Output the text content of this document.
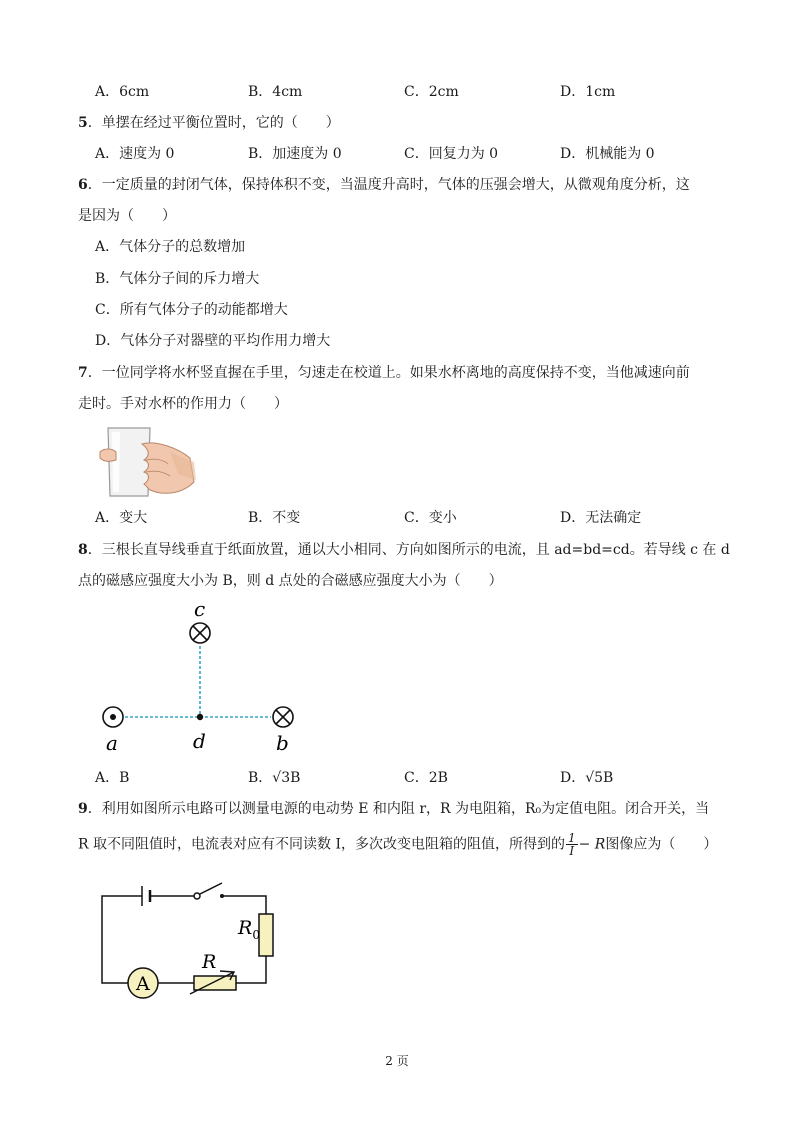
A．6cm	B．4cm	C．2cm	D．1cm
5．单摆在经过平衡位置时，它的（　　）
A．速度为 0	B．加速度为 0	C．回复力为 0	D．机械能为 0
6．一定质量的封闭气体，保持体积不变，当温度升高时，气体的压强会增大，从微观角度分析，这
是因为（　　）
A．气体分子的总数增加
B．气体分子间的斥力增大
C．所有气体分子的动能都增大
D．气体分子对器壁的平均作用力增大
7．一位同学将水杯竖直握在手里，匀速走在校道上。如果水杯离地的高度保持不变，当他减速向前
走时。手对水杯的作用力（　　）
A．变大	B．不变	C．变小	D．无法确定
8．三根长直导线垂直于纸面放置，通以大小相同、方向如图所示的电流，且 ad=bd=cd。若导线 c 在 d
点的磁感应强度大小为 B，则 d 点处的合磁感应强度大小为（　　）
c
a	d	b
A．B	B．√3B	C．2B	D．√5B
9．利用如图所示电路可以测量电源的电动势 E 和内阻 r，R 为电阻箱，R₀为定值电阻。闭合开关，当
R 取不同阻值时，电流表对应有不同读数 I，多次改变电阻箱的阻值，所得到的 $\frac{1}{I} - R$图像应为（　　）
A
$R_0$
R
2 页
